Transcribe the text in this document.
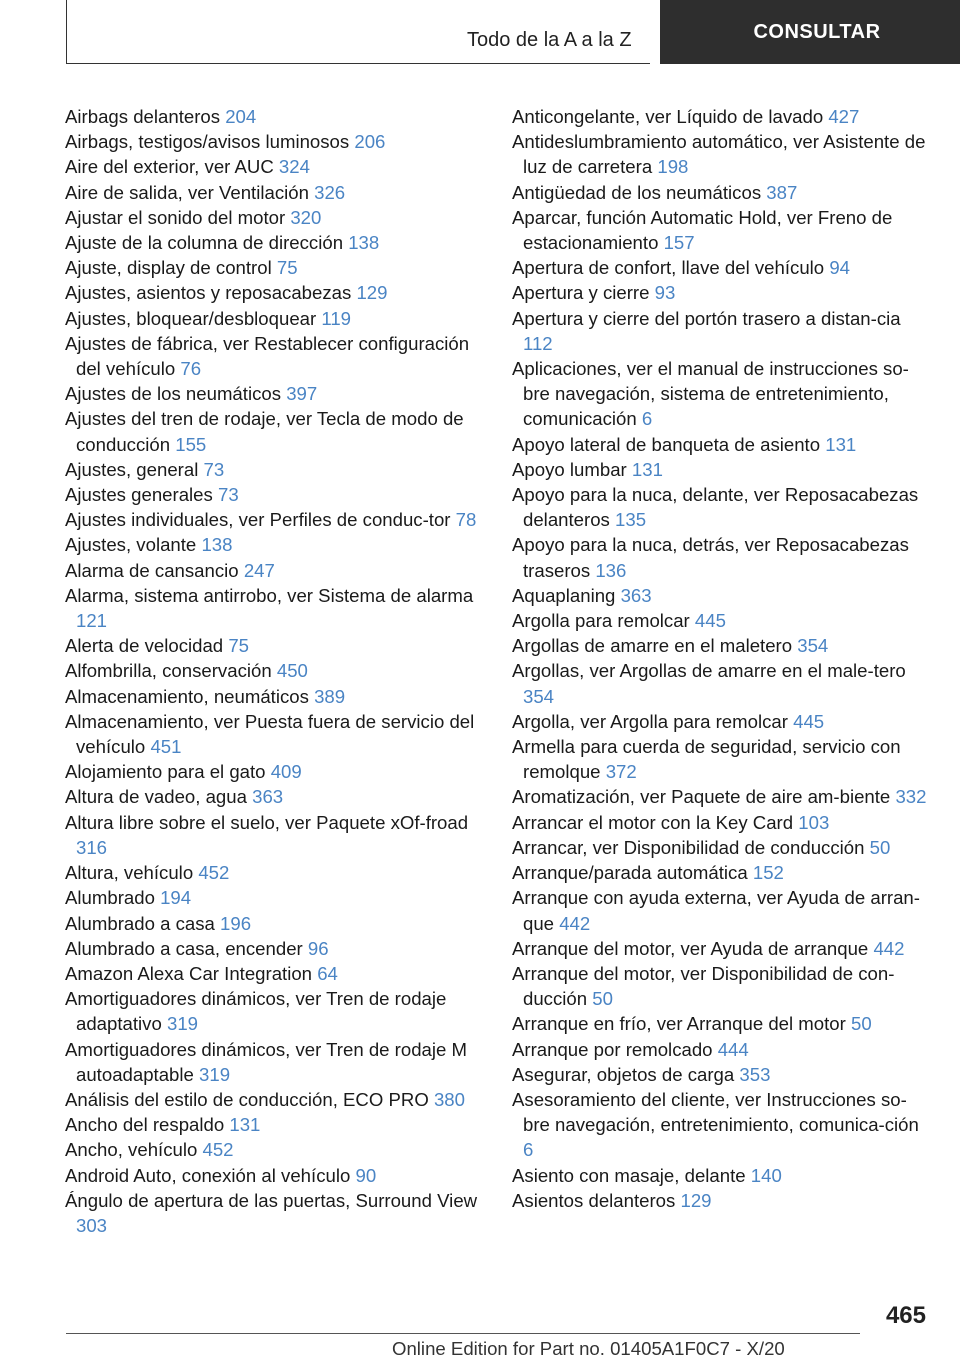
Todo de la A a la Z	CONSULTAR
Airbags delanteros 204
Airbags, testigos/avisos luminosos 206
Aire del exterior, ver AUC 324
Aire de salida, ver Ventilación 326
Ajustar el sonido del motor 320
Ajuste de la columna de dirección 138
Ajuste, display de control 75
Ajustes, asientos y reposacabezas 129
Ajustes, bloquear/desbloquear 119
Ajustes de fábrica, ver Restablecer configuración del vehículo 76
Ajustes de los neumáticos 397
Ajustes del tren de rodaje, ver Tecla de modo de conducción 155
Ajustes, general 73
Ajustes generales 73
Ajustes individuales, ver Perfiles de conduc-tor 78
Ajustes, volante 138
Alarma de cansancio 247
Alarma, sistema antirrobo, ver Sistema de alarma 121
Alerta de velocidad 75
Alfombrilla, conservación 450
Almacenamiento, neumáticos 389
Almacenamiento, ver Puesta fuera de servicio del vehículo 451
Alojamiento para el gato 409
Altura de vadeo, agua 363
Altura libre sobre el suelo, ver Paquete xOf-froad 316
Altura, vehículo 452
Alumbrado 194
Alumbrado a casa 196
Alumbrado a casa, encender 96
Amazon Alexa Car Integration 64
Amortiguadores dinámicos, ver Tren de rodaje adaptativo 319
Amortiguadores dinámicos, ver Tren de rodaje M autoadaptable 319
Análisis del estilo de conducción, ECO PRO 380
Ancho del respaldo 131
Ancho, vehículo 452
Android Auto, conexión al vehículo 90
Ángulo de apertura de las puertas, Surround View 303
Anticongelante, ver Líquido de lavado 427
Antideslumbramiento automático, ver Asistente de luz de carretera 198
Antigüedad de los neumáticos 387
Aparcar, función Automatic Hold, ver Freno de estacionamiento 157
Apertura de confort, llave del vehículo 94
Apertura y cierre 93
Apertura y cierre del portón trasero a distan-cia 112
Aplicaciones, ver el manual de instrucciones so-bre navegación, sistema de entretenimiento, comunicación 6
Apoyo lateral de banqueta de asiento 131
Apoyo lumbar 131
Apoyo para la nuca, delante, ver Reposacabezas delanteros 135
Apoyo para la nuca, detrás, ver Reposacabezas traseros 136
Aquaplaning 363
Argolla para remolcar 445
Argollas de amarre en el maletero 354
Argollas, ver Argollas de amarre en el male-tero 354
Argolla, ver Argolla para remolcar 445
Armella para cuerda de seguridad, servicio con remolque 372
Aromatización, ver Paquete de aire am-biente 332
Arrancar el motor con la Key Card 103
Arrancar, ver Disponibilidad de conducción 50
Arranque/parada automática 152
Arranque con ayuda externa, ver Ayuda de arran-que 442
Arranque del motor, ver Ayuda de arranque 442
Arranque del motor, ver Disponibilidad de con-ducción 50
Arranque en frío, ver Arranque del motor 50
Arranque por remolcado 444
Asegurar, objetos de carga 353
Asesoramiento del cliente, ver Instrucciones so-bre navegación, entretenimiento, comunica-ción 6
Asiento con masaje, delante 140
Asientos delanteros 129
465
Online Edition for Part no. 01405A1F0C7 - X/20
